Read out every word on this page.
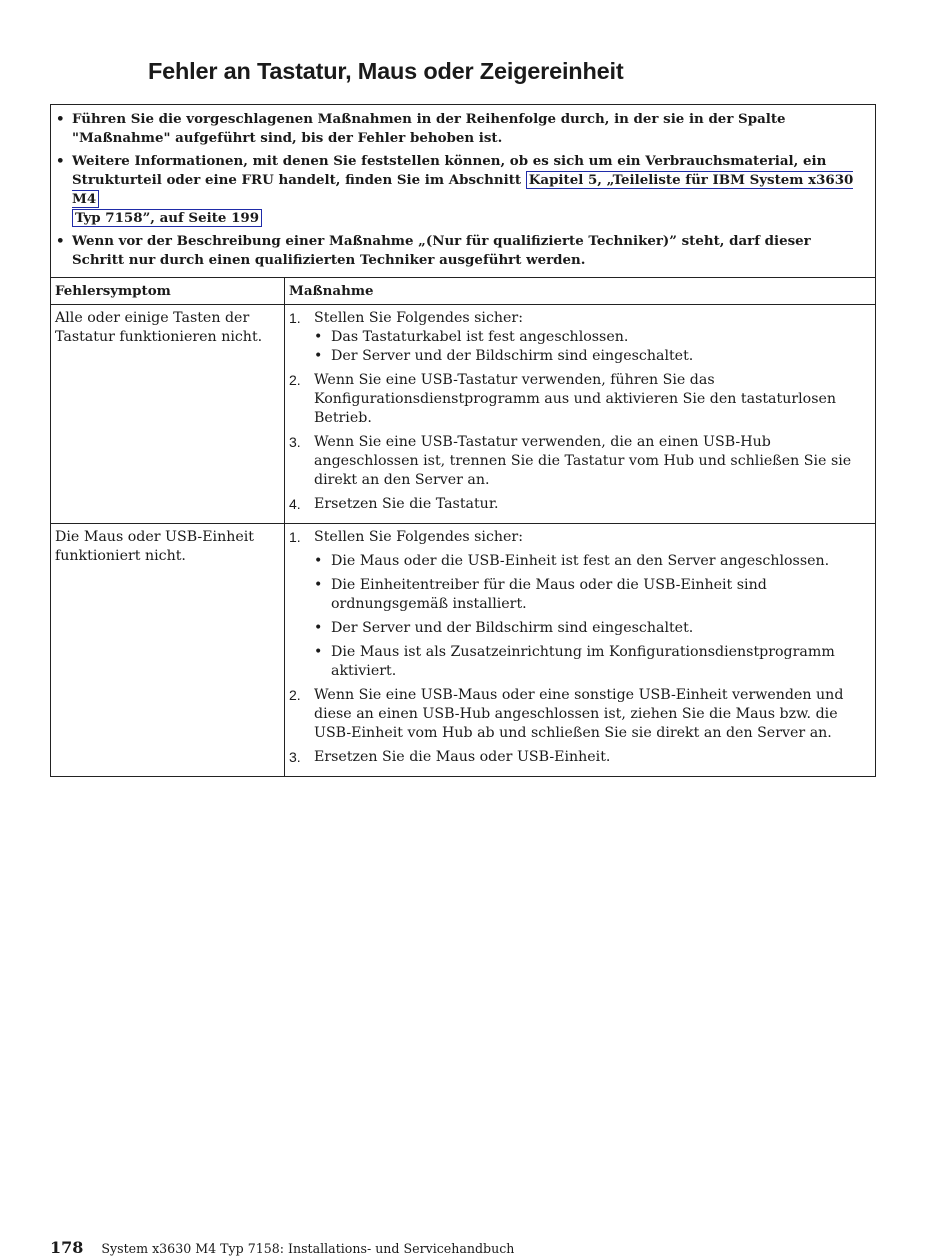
Fehler an Tastatur, Maus oder Zeigereinheit
• Führen Sie die vorgeschlagenen Maßnahmen in der Reihenfolge durch, in der sie in der Spalte "Maßnahme" aufgeführt sind, bis der Fehler behoben ist.
• Weitere Informationen, mit denen Sie feststellen können, ob es sich um ein Verbrauchsmaterial, ein Strukturteil oder eine FRU handelt, finden Sie im Abschnitt Kapitel 5, „Teileliste für IBM System x3630 M4
Typ 7158”, auf Seite 199
• Wenn vor der Beschreibung einer Maßnahme „(Nur für qualifizierte Techniker)” steht, darf dieser Schritt nur durch einen qualifizierten Techniker ausgeführt werden.
Fehlersymptom	Maßnahme
Alle oder einige Tasten der Tastatur funktionieren nicht.
1. Stellen Sie Folgendes sicher:
• Das Tastaturkabel ist fest angeschlossen.
• Der Server und der Bildschirm sind eingeschaltet.
2. Wenn Sie eine USB-Tastatur verwenden, führen Sie das Konfigurationsdienstprogramm aus und aktivieren Sie den tastaturlosen Betrieb.
3. Wenn Sie eine USB-Tastatur verwenden, die an einen USB-Hub angeschlossen ist, trennen Sie die Tastatur vom Hub und schließen Sie sie direkt an den Server an.
4. Ersetzen Sie die Tastatur.
Die Maus oder USB-Einheit funktioniert nicht.
1. Stellen Sie Folgendes sicher:
• Die Maus oder die USB-Einheit ist fest an den Server angeschlossen.
• Die Einheitentreiber für die Maus oder die USB-Einheit sind ordnungsgemäß installiert.
• Der Server und der Bildschirm sind eingeschaltet.
• Die Maus ist als Zusatzeinrichtung im Konfigurationsdienstprogramm aktiviert.
2. Wenn Sie eine USB-Maus oder eine sonstige USB-Einheit verwenden und diese an einen USB-Hub angeschlossen ist, ziehen Sie die Maus bzw. die USB-Einheit vom Hub ab und schließen Sie sie direkt an den Server an.
3. Ersetzen Sie die Maus oder USB-Einheit.
178 System x3630 M4 Typ 7158: Installations- und Servicehandbuch
